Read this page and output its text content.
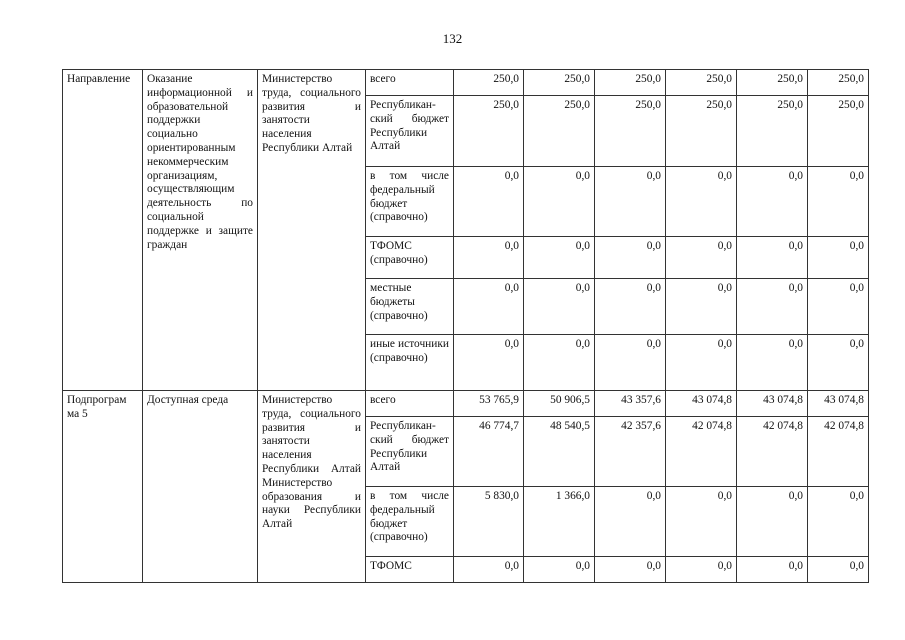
132
Направление	Оказание информационной и образовательной поддержки социально ориентированным некоммерческим организациям, осуществляющим деятельность по социальной поддержке и защите граждан	Министерство труда, социального развития и занятости населения Республики Алтай	всего	250,0	250,0	250,0	250,0	250,0	250,0
			Республикан-ский бюджет Республики Алтай	250,0	250,0	250,0	250,0	250,0	250,0
			в том числе федеральный бюджет (справочно)	0,0	0,0	0,0	0,0	0,0	0,0
			ТФОМС (справочно)	0,0	0,0	0,0	0,0	0,0	0,0
			местные бюджеты (справочно)	0,0	0,0	0,0	0,0	0,0	0,0
			иные источники (справочно)	0,0	0,0	0,0	0,0	0,0	0,0
Подпрограм ма 5	Доступная среда	Министерство труда, социального развития и занятости населения Республики Алтай Министерство образования и науки Республики Алтай	всего	53 765,9	50 906,5	43 357,6	43 074,8	43 074,8	43 074,8
			Республикан-ский бюджет Республики Алтай	46 774,7	48 540,5	42 357,6	42 074,8	42 074,8	42 074,8
			в том числе федеральный бюджет (справочно)	5 830,0	1 366,0	0,0	0,0	0,0	0,0
			ТФОМС	0,0	0,0	0,0	0,0	0,0	0,0
